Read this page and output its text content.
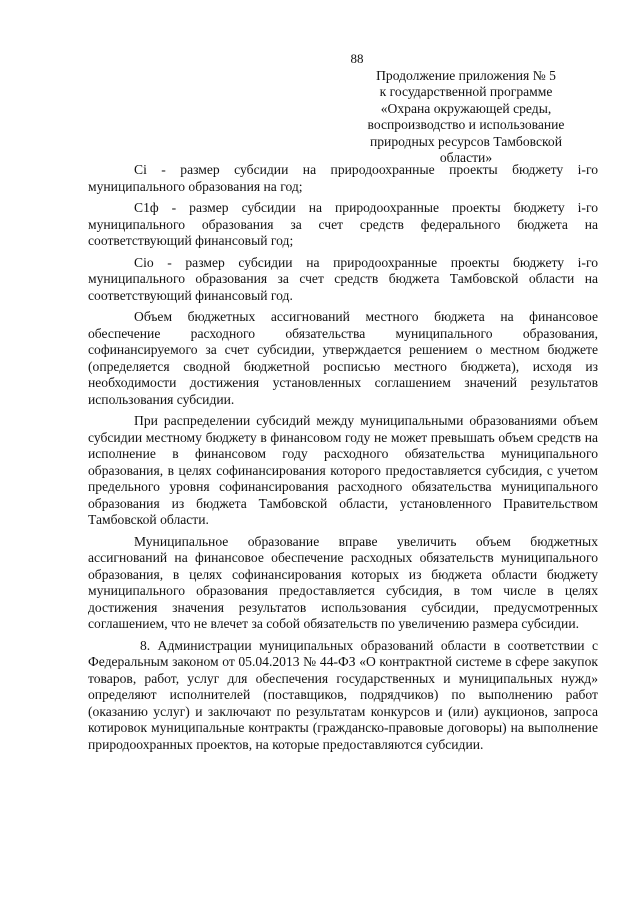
88
Продолжение приложения № 5
к государственной программе
«Охрана окружающей среды,
воспроизводство и использование
природных ресурсов Тамбовской
области»

Ci - размер субсидии на природоохранные проекты бюджету i-го муниципального образования на год;

C1ф - размер субсидии на природоохранные проекты бюджету i-го муниципального образования за счет средств федерального бюджета на соответствующий финансовый год;

Cio - размер субсидии на природоохранные проекты бюджету i-го муниципального образования за счет средств бюджета Тамбовской области на соответствующий финансовый год.

Объем бюджетных ассигнований местного бюджета на финансовое обеспечение расходного обязательства муниципального образования, софинансируемого за счет субсидии, утверждается решением о местном бюджете (определяется сводной бюджетной росписью местного бюджета), исходя из необходимости достижения установленных соглашением значений результатов использования субсидии.

При распределении субсидий между муниципальными образованиями объем субсидии местному бюджету в финансовом году не может превышать объем средств на исполнение в финансовом году расходного обязательства муниципального образования, в целях софинансирования которого предоставляется субсидия, с учетом предельного уровня софинансирования расходного обязательства муниципального образования из бюджета Тамбовской области, установленного Правительством Тамбовской области.

Муниципальное образование вправе увеличить объем бюджетных ассигнований на финансовое обеспечение расходных обязательств муниципального образования, в целях софинансирования которых из бюджета области бюджету муниципального образования предоставляется субсидия, в том числе в целях достижения значения результатов использования субсидии, предусмотренных соглашением, что не влечет за собой обязательств по увеличению размера субсидии.

8. Администрации муниципальных образований области в соответствии с Федеральным законом от 05.04.2013 № 44-ФЗ «О контрактной системе в сфере закупок товаров, работ, услуг для обеспечения государственных и муниципальных нужд» определяют исполнителей (поставщиков, подрядчиков) по выполнению работ (оказанию услуг) и заключают по результатам конкурсов и (или) аукционов, запроса котировок муниципальные контракты (гражданско-правовые договоры) на выполнение природоохранных проектов, на которые предоставляются субсидии.
